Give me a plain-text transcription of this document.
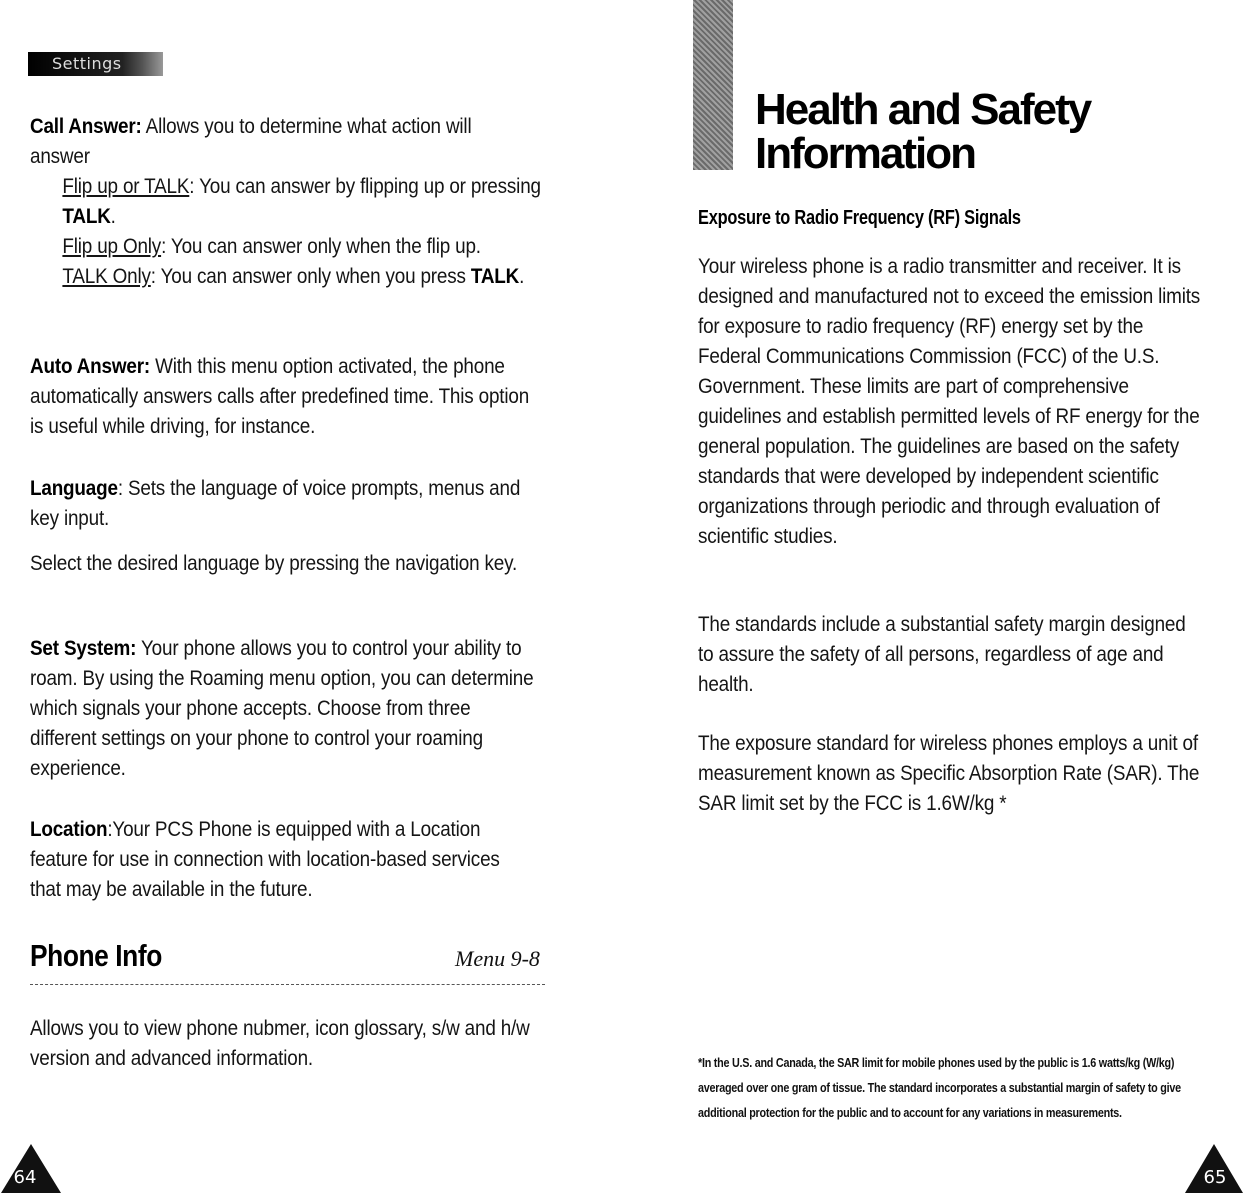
Settings

Call Answer: Allows you to determine what action will answer

Flip up or TALK: You can answer by flipping up or pressing TALK.

Flip up Only: You can answer only when the flip up.

TALK Only: You can answer only when you press TALK.

Auto Answer: With this menu option activated, the phone automatically answers calls after predefined time. This option is useful while driving, for instance.

Language: Sets the language of voice prompts, menus and key input.

Select the desired language by pressing the navigation key.

Set System: Your phone allows you to control your ability to roam. By using the Roaming menu option, you can determine which signals your phone accepts. Choose from three different settings on your phone to control your roaming experience.

Location:Your PCS Phone is equipped with a Location feature for use in connection with location-based services that may be available in the future.

Phone Info	Menu 9-8
Allows you to view phone nubmer, icon glossary, s/w and h/w version and advanced information.
64
Health and Safety
Information
Exposure to Radio Frequency (RF) Signals
Your wireless phone is a radio transmitter and receiver. It is designed and manufactured not to exceed the emission limits for exposure to radio frequency (RF) energy set by the Federal Communications Commission (FCC) of the U.S. Government. These limits are part of comprehensive guidelines and establish permitted levels of RF energy for the general population. The guidelines are based on the safety standards that were developed by independent scientific organizations through periodic and through evaluation of scientific studies.
The standards include a substantial safety margin designed to assure the safety of all persons, regardless of age and health.
The exposure standard for wireless phones employs a unit of measurement known as Specific Absorption Rate (SAR). The SAR limit set by the FCC is 1.6W/kg *
*In the U.S. and Canada, the SAR limit for mobile phones used by the public is 1.6 watts/kg (W/kg) averaged over one gram of tissue. The standard incorporates a substantial margin of safety to give additional protection for the public and to account for any variations in measurements.
65
